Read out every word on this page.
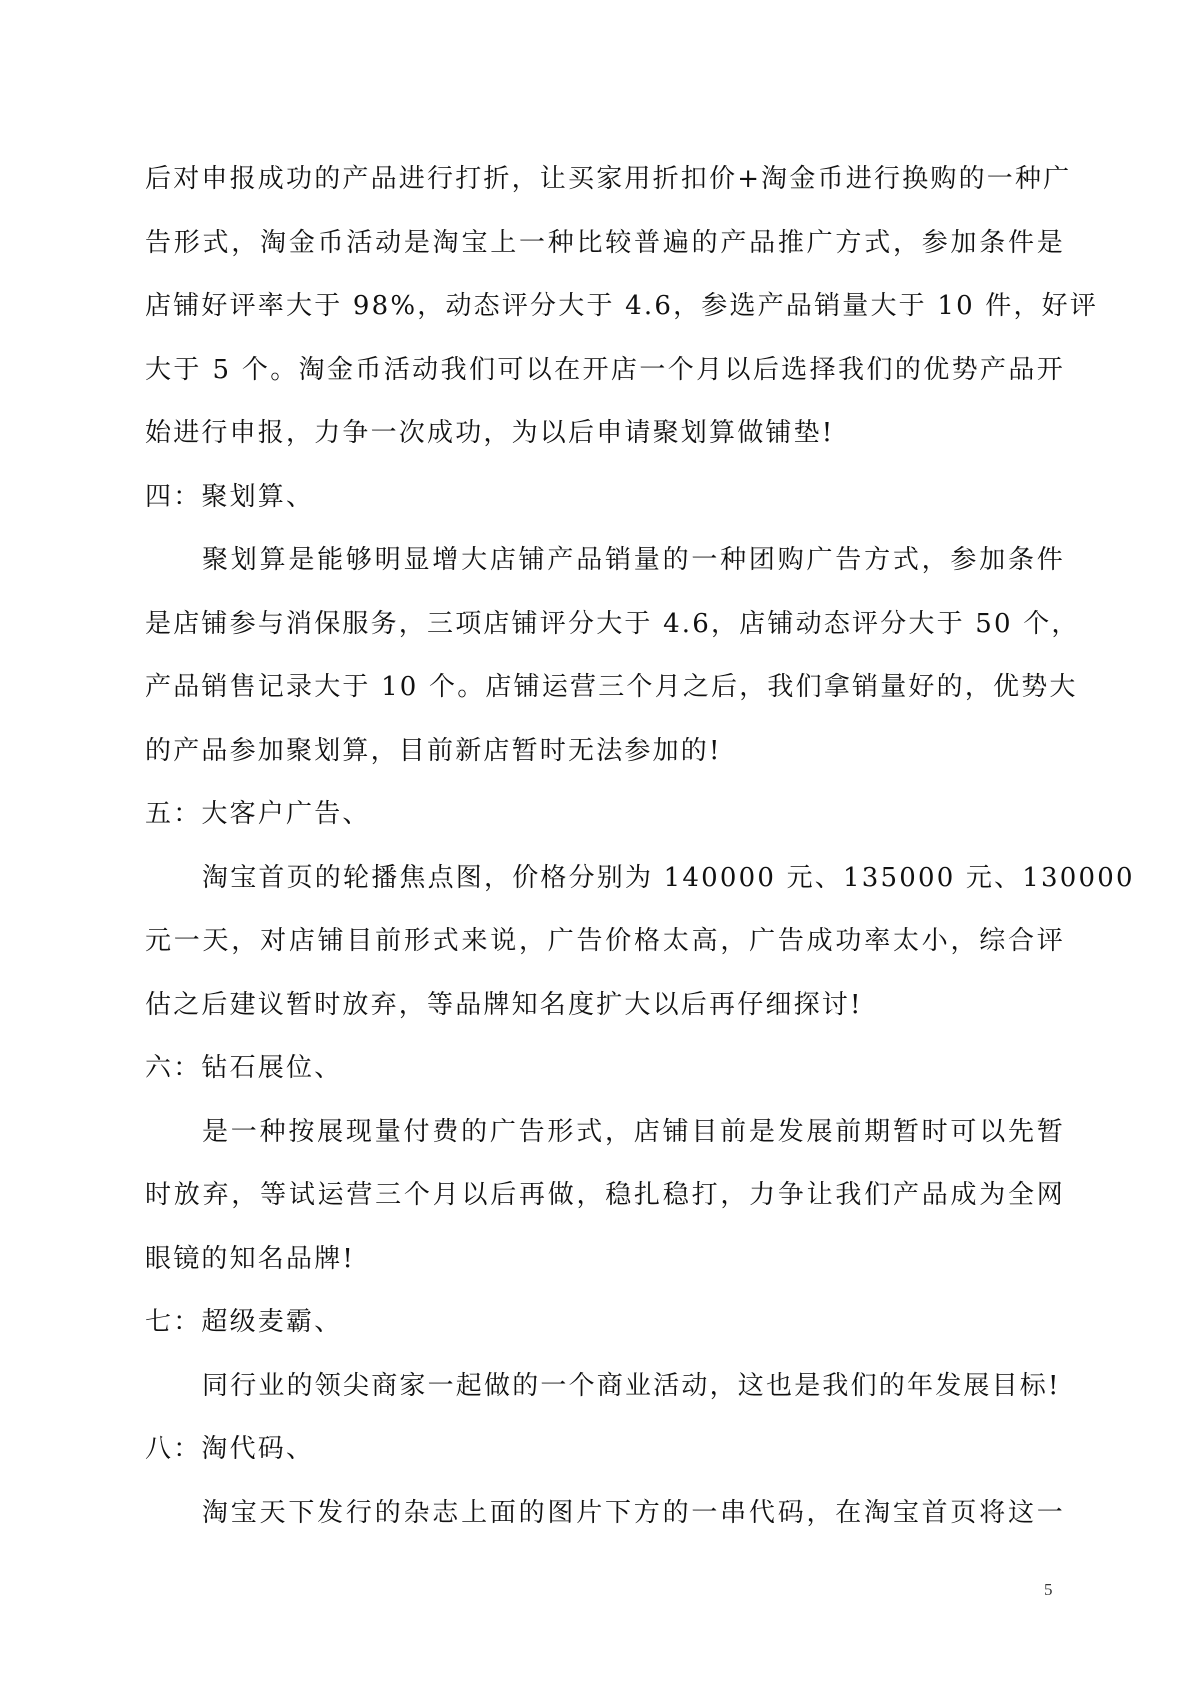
后对申报成功的产品进行打折，让买家用折扣价+淘金币进行换购的一种广
告形式，淘金币活动是淘宝上一种比较普遍的产品推广方式，参加条件是
店铺好评率大于 98%，动态评分大于 4.6，参选产品销量大于 10 件，好评
大于 5 个。淘金币活动我们可以在开店一个月以后选择我们的优势产品开
始进行申报，力争一次成功，为以后申请聚划算做铺垫!
四：聚划算、
聚划算是能够明显增大店铺产品销量的一种团购广告方式，参加条件
是店铺参与消保服务，三项店铺评分大于 4.6，店铺动态评分大于 50 个，
产品销售记录大于 10 个。店铺运营三个月之后，我们拿销量好的，优势大
的产品参加聚划算，目前新店暂时无法参加的!
五：大客户广告、
淘宝首页的轮播焦点图，价格分别为 140000 元、135000 元、130000
元一天，对店铺目前形式来说，广告价格太高，广告成功率太小，综合评
估之后建议暂时放弃，等品牌知名度扩大以后再仔细探讨!
六：钻石展位、
是一种按展现量付费的广告形式，店铺目前是发展前期暂时可以先暂
时放弃，等试运营三个月以后再做，稳扎稳打，力争让我们产品成为全网
眼镜的知名品牌!
七：超级麦霸、
同行业的领尖商家一起做的一个商业活动，这也是我们的年发展目标!
八：淘代码、
淘宝天下发行的杂志上面的图片下方的一串代码，在淘宝首页将这一
5
